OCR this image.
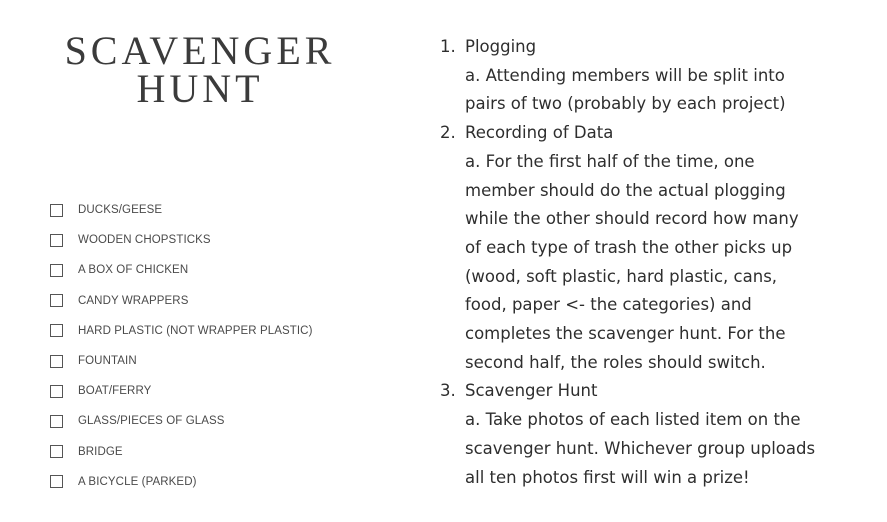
SCAVENGER
HUNT
DUCKS/GEESE
WOODEN CHOPSTICKS
A BOX OF CHICKEN
CANDY WRAPPERS
HARD PLASTIC (NOT WRAPPER PLASTIC)
FOUNTAIN
BOAT/FERRY
GLASS/PIECES OF GLASS
BRIDGE
A BICYCLE (PARKED)
1. Plogging
a. Attending members will be split into
pairs of two (probably by each project)
2. Recording of Data
a. For the first half of the time, one
member should do the actual plogging
while the other should record how many
of each type of trash the other picks up
(wood, soft plastic, hard plastic, cans,
food, paper <- the categories) and
completes the scavenger hunt. For the
second half, the roles should switch.
3. Scavenger Hunt
a. Take photos of each listed item on the
scavenger hunt. Whichever group uploads
all ten photos first will win a prize!
